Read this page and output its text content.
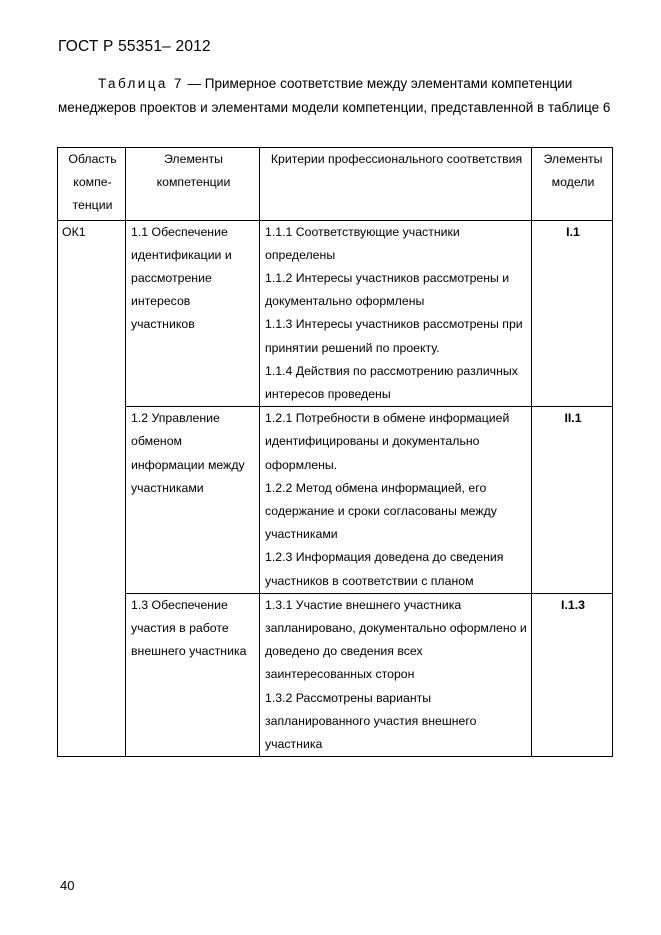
ГОСТ Р 55351– 2012
Таблица 7 — Примерное соответствие между элементами компетенции
менеджеров проектов и элементами модели компетенции, представленной в таблице 6
Область компе-тенции	Элементы компетенции	Критерии профессионального соответствия	Элементы модели
ОК1	1.1 Обеспечение идентификации и рассмотрение интересов участников	1.1.1 Соответствующие участники определены
1.1.2 Интересы участников рассмотрены и документально оформлены
1.1.3 Интересы участников рассмотрены при принятии решений по проекту.
1.1.4 Действия по рассмотрению различных интересов проведены	I.1
	1.2 Управление обменом информации между участниками	1.2.1 Потребности в обмене информацией идентифицированы и документально оформлены.
1.2.2 Метод обмена информацией, его содержание и сроки согласованы между участниками
1.2.3 Информация доведена до сведения участников в соответствии с планом	II.1
	1.3 Обеспечение участия в работе внешнего участника	1.3.1 Участие внешнего участника запланировано, документально оформлено и доведено до сведения всех заинтересованных сторон
1.3.2 Рассмотрены варианты запланированного участия внешнего участника	I.1.3
40
